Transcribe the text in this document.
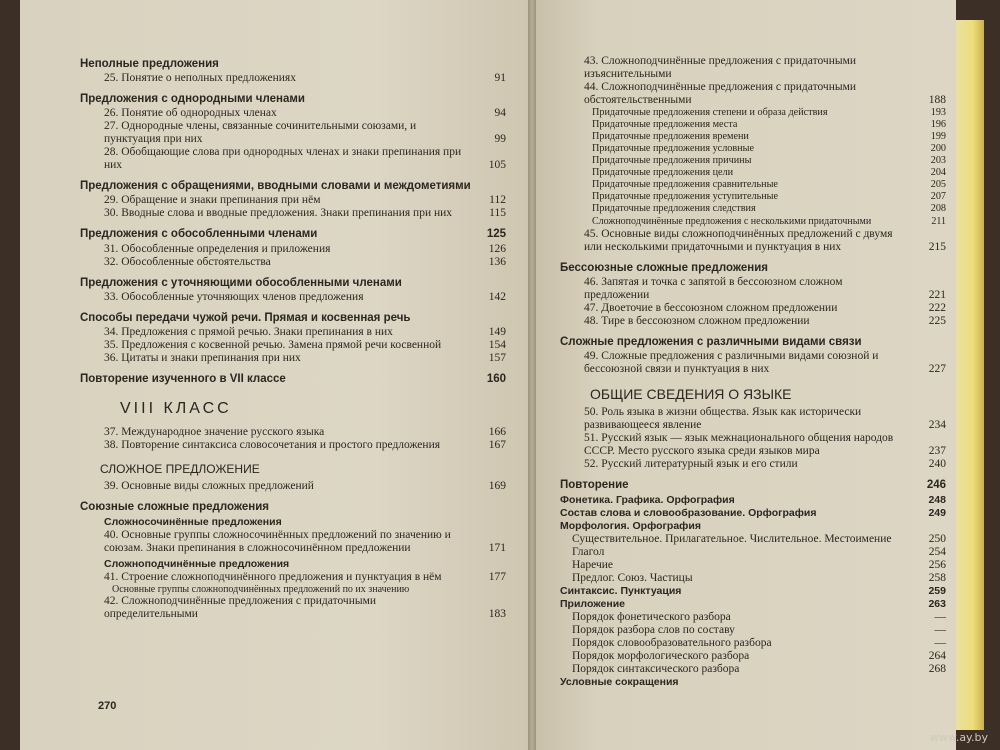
Неполные предложения
25. Понятие о неполных предложениях	91
Предложения с однородными членами
26. Понятие об однородных членах	94
27. Однородные члены, связанные сочинительными союзами, и пунктуация при них	99
28. Обобщающие слова при однородных членах и знаки препинания при них	105
Предложения с обращениями, вводными словами и междометиями
29. Обращение и знаки препинания при нём	112
30. Вводные слова и вводные предложения. Знаки препинания при них	115
Предложения с обособленными членами	125
31. Обособленные определения и приложения	126
32. Обособленные обстоятельства	136
Предложения с уточняющими обособленными членами
33. Обособленные уточняющих членов предложения	142
Способы передачи чужой речи. Прямая и косвенная речь
34. Предложения с прямой речью. Знаки препинания в них	149
35. Предложения с косвенной речью. Замена прямой речи косвенной	154
36. Цитаты и знаки препинания при них	157
Повторение изученного в VII классе	160
VIII КЛАСС
37. Международное значение русского языка	166
38. Повторение синтаксиса словосочетания и простого предложения	167
СЛОЖНОЕ ПРЕДЛОЖЕНИЕ
39. Основные виды сложных предложений	169
Союзные сложные предложения
Сложносочинённые предложения
40. Основные группы сложносочинённых предложений по значению и союзам. Знаки препинания в сложносочинённом предложении	171
Сложноподчинённые предложения
41. Строение сложноподчинённого предложения и пунктуация в нём	177
Основные группы сложноподчинённых предложений по их значению
42. Сложноподчинённые предложения с придаточными определительными	183
270
43. Сложноподчинённые предложения с придаточными изъяснительными
44. Сложноподчинённые предложения с придаточными обстоятельственными	188
Придаточные предложения степени и образа действия	193
Придаточные предложения места	196
Придаточные предложения времени	199
Придаточные предложения условные	200
Придаточные предложения причины	203
Придаточные предложения цели	204
Придаточные предложения сравнительные	205
Придаточные предложения уступительные	207
Придаточные предложения следствия	208
Сложноподчинённые предложения с несколькими придаточными	211
45. Основные виды сложноподчинённых предложений с двумя или несколькими придаточными и пунктуация в них	215
Бессоюзные сложные предложения
46. Запятая и точка с запятой в бессоюзном сложном предложении	221
47. Двоеточие в бессоюзном сложном предложении	222
48. Тире в бессоюзном сложном предложении	225
Сложные предложения с различными видами связи
49. Сложные предложения с различными видами союзной и бессоюзной связи и пунктуация в них	227
ОБЩИЕ СВЕДЕНИЯ О ЯЗЫКЕ
50. Роль языка в жизни общества. Язык как исторически развивающееся явление	234
51. Русский язык — язык межнационального общения народов СССР. Место русского языка среди языков мира	237
52. Русский литературный язык и его стили	240
Повторение	246
Фонетика. Графика. Орфография	248
Состав слова и словообразование. Орфография	249
Морфология. Орфография
Существительное. Прилагательное. Числительное. Местоимение	250
Глагол	254
Наречие	256
Предлог. Союз. Частицы	258
Синтаксис. Пунктуация	259
Приложение	263
Порядок фонетического разбора	—
Порядок разбора слов по составу	—
Порядок словообразовательного разбора	—
Порядок морфологического разбора	264
Порядок синтаксического разбора	268
Условные сокращения
www.ay.by
